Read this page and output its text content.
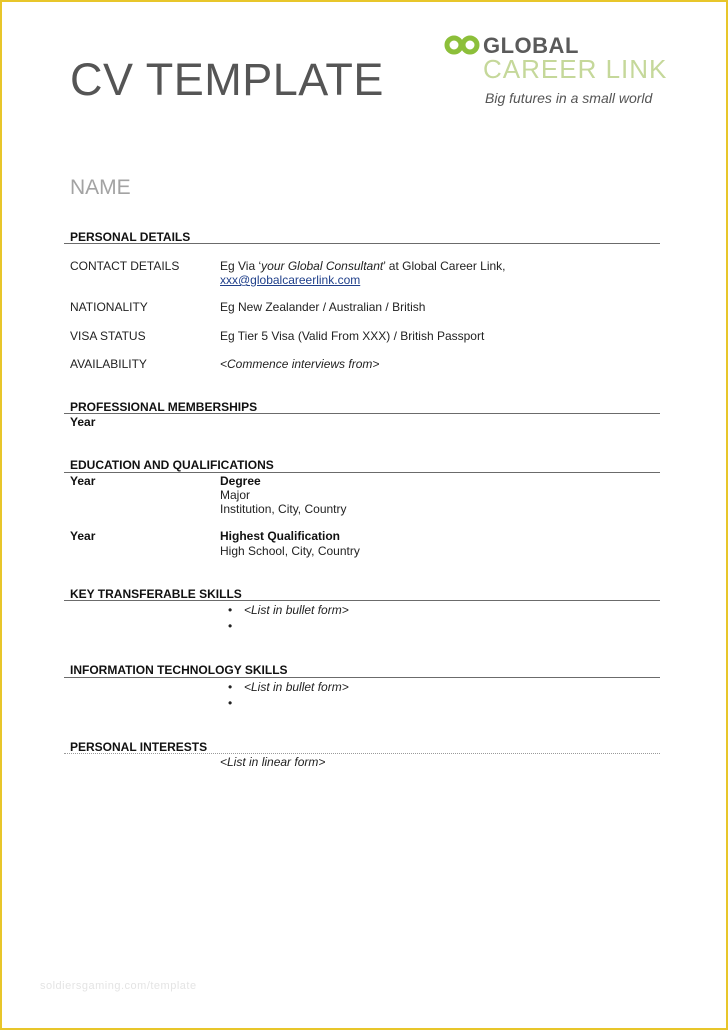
CV TEMPLATE
GLOBAL
CAREER LINK
Big futures in a small world
NAME
PERSONAL DETAILS
CONTACT DETAILS	Eg Via ‘your Global Consultant’ at Global Career Link,
xxx@globalcareerlink.com
NATIONALITY	Eg New Zealander / Australian / British
VISA STATUS	Eg Tier 5 Visa (Valid From XXX) / British Passport
AVAILABILITY	<Commence interviews from>
PROFESSIONAL MEMBERSHIPS
Year
EDUCATION AND QUALIFICATIONS
Year	Degree
Major
Institution, City, Country
Year	Highest Qualification
High School, City, Country
KEY TRANSFERABLE SKILLS
• <List in bullet form>
•
INFORMATION TECHNOLOGY SKILLS
• <List in bullet form>
•
PERSONAL INTERESTS
<List in linear form>
soldiersgaming.com/template
